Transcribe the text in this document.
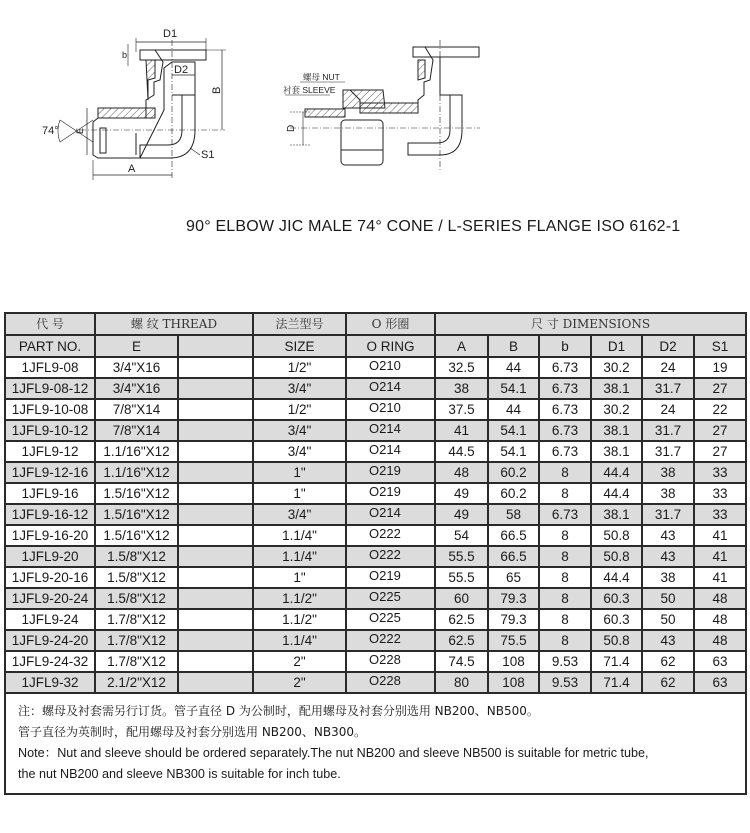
D1
D2
b
B
74° E
A
S1
螺母 NUT
衬套 SLEEVE
D
90° ELBOW JIC MALE 74° CONE / L-SERIES FLANGE ISO 6162-1
代 号	螺 纹 THREAD		法兰型号	O 形圈	尺 寸 DIMENSIONS					
PART NO.	E		SIZE	O RING	A	B	b	D1	D2	S1
1JFL9-08	3/4"X16		1/2"	O210	32.5	44	6.73	30.2	24	19
1JFL9-08-12	3/4"X16		3/4"	O214	38	54.1	6.73	38.1	31.7	27
1JFL9-10-08	7/8"X14		1/2"	O210	37.5	44	6.73	30.2	24	22
1JFL9-10-12	7/8"X14		3/4"	O214	41	54.1	6.73	38.1	31.7	27
1JFL9-12	1.1/16"X12		3/4"	O214	44.5	54.1	6.73	38.1	31.7	27
1JFL9-12-16	1.1/16"X12		1"	O219	48	60.2	8	44.4	38	33
1JFL9-16	1.5/16"X12		1"	O219	49	60.2	8	44.4	38	33
1JFL9-16-12	1.5/16"X12		3/4"	O214	49	58	6.73	38.1	31.7	33
1JFL9-16-20	1.5/16"X12		1.1/4"	O222	54	66.5	8	50.8	43	41
1JFL9-20	1.5/8"X12		1.1/4"	O222	55.5	66.5	8	50.8	43	41
1JFL9-20-16	1.5/8"X12		1"	O219	55.5	65	8	44.4	38	41
1JFL9-20-24	1.5/8"X12		1.1/2"	O225	60	79.3	8	60.3	50	48
1JFL9-24	1.7/8"X12		1.1/2"	O225	62.5	79.3	8	60.3	50	48
1JFL9-24-20	1.7/8"X12		1.1/4"	O222	62.5	75.5	8	50.8	43	48
1JFL9-24-32	1.7/8"X12		2"	O228	74.5	108	9.53	71.4	62	63
1JFL9-32	2.1/2"X12		2"	O228	80	108	9.53	71.4	62	63

注：螺母及衬套需另行订货。管子直径 D 为公制时，配用螺母及衬套分别选用 NB200、NB500。
管子直径为英制时，配用螺母及衬套分别选用 NB200、NB300。
Note：Nut and sleeve should be ordered separately.The nut NB200 and sleeve NB500 is suitable for metric tube,
the nut NB200 and sleeve NB300 is suitable for inch tube.										
